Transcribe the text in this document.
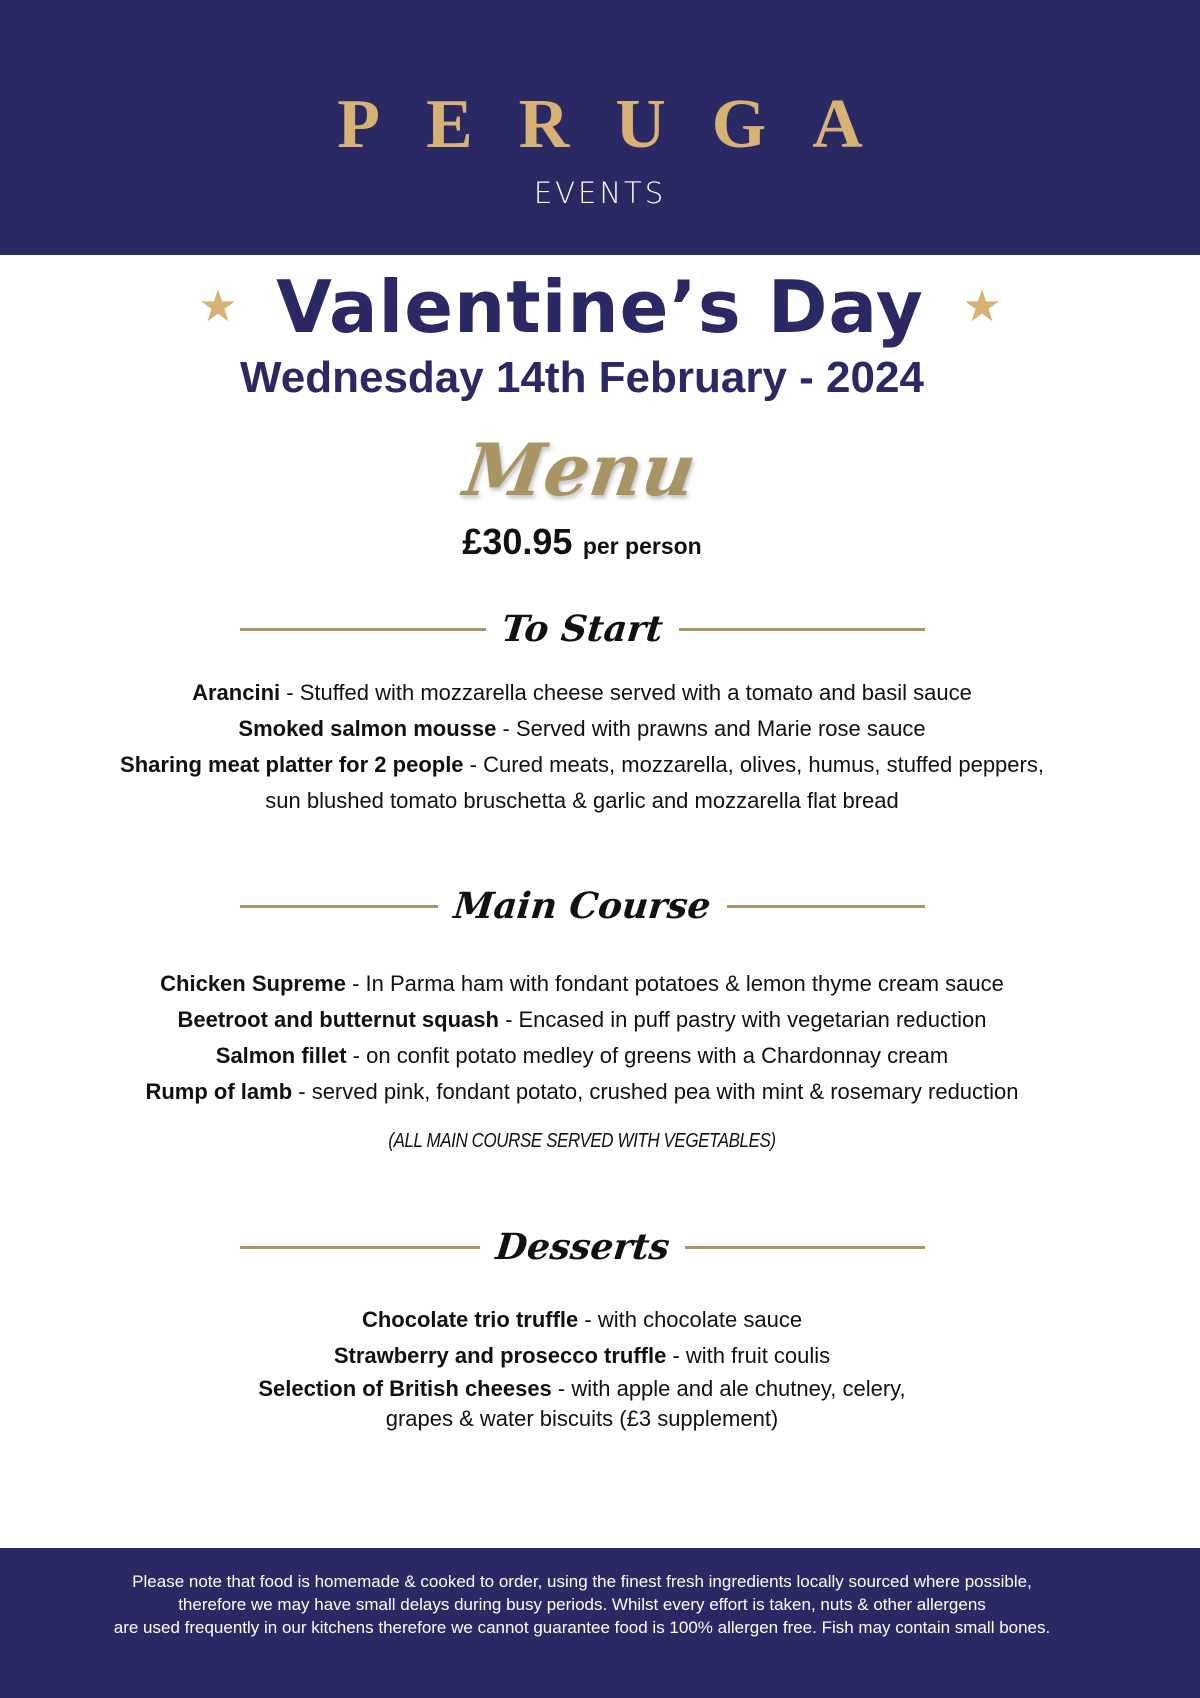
PERUGA
EVENTS
★ Valentine’s Day ★
Wednesday 14th February - 2024
Menu
£30.95 per person
To Start
Arancini - Stuffed with mozzarella cheese served with a tomato and basil sauce
Smoked salmon mousse - Served with prawns and Marie rose sauce
Sharing meat platter for 2 people - Cured meats, mozzarella, olives, humus, stuffed peppers,
sun blushed tomato bruschetta & garlic and mozzarella flat bread
Main Course
Chicken Supreme - In Parma ham with fondant potatoes & lemon thyme cream sauce
Beetroot and butternut squash - Encased in puff pastry with vegetarian reduction
Salmon fillet - on confit potato medley of greens with a Chardonnay cream
Rump of lamb - served pink, fondant potato, crushed pea with mint & rosemary reduction
(ALL MAIN COURSE SERVED WITH VEGETABLES)
Desserts
Chocolate trio truffle - with chocolate sauce
Strawberry and prosecco truffle - with fruit coulis
Selection of British cheeses - with apple and ale chutney, celery,
grapes & water biscuits (£3 supplement)
Please note that food is homemade & cooked to order, using the finest fresh ingredients locally sourced where possible,
therefore we may have small delays during busy periods. Whilst every effort is taken, nuts & other allergens
are used frequently in our kitchens therefore we cannot guarantee food is 100% allergen free. Fish may contain small bones.
